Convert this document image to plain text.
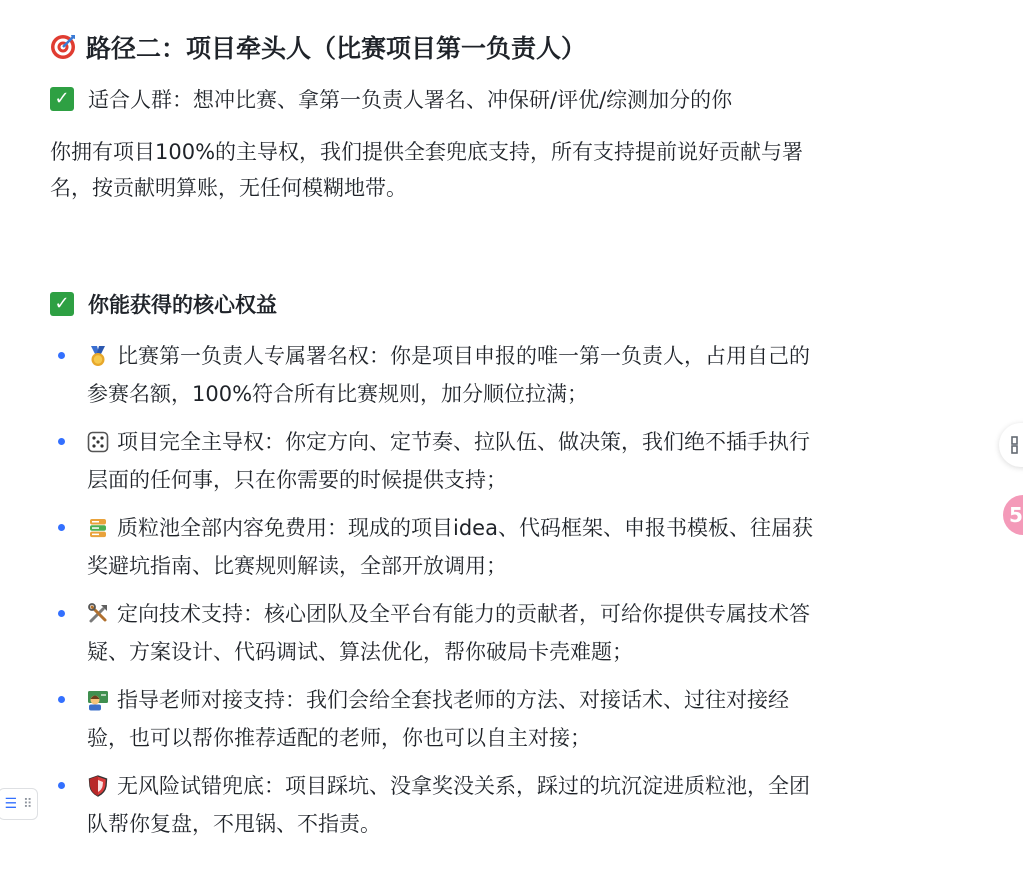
路径二：项目牵头人（比赛项目第一负责人）
✓ 适合人群：想冲比赛、拿第一负责人署名、冲保研/评优/综测加分的你
你拥有项目100%的主导权，我们提供全套兜底支持，所有支持提前说好贡献与署
名，按贡献明算账，无任何模糊地带。
✓ 你能获得的核心权益
比赛第一负责人专属署名权：你是项目申报的唯一第一负责人，占用自己的
参赛名额，100%符合所有比赛规则，加分顺位拉满；
项目完全主导权：你定方向、定节奏、拉队伍、做决策，我们绝不插手执行
层面的任何事，只在你需要的时候提供支持；
质粒池全部内容免费用：现成的项目idea、代码框架、申报书模板、往届获
奖避坑指南、比赛规则解读，全部开放调用；
定向技术支持：核心团队及全平台有能力的贡献者，可给你提供专属技术答
疑、方案设计、代码调试、算法优化，帮你破局卡壳难题；
指导老师对接支持：我们会给全套找老师的方法、对接话术、过往对接经
验，也可以帮你推荐适配的老师，你也可以自主对接；
无风险试错兜底：项目踩坑、没拿奖没关系，踩过的坑沉淀进质粒池，全团
队帮你复盘，不甩锅、不指责。
☰ ⠿
5
